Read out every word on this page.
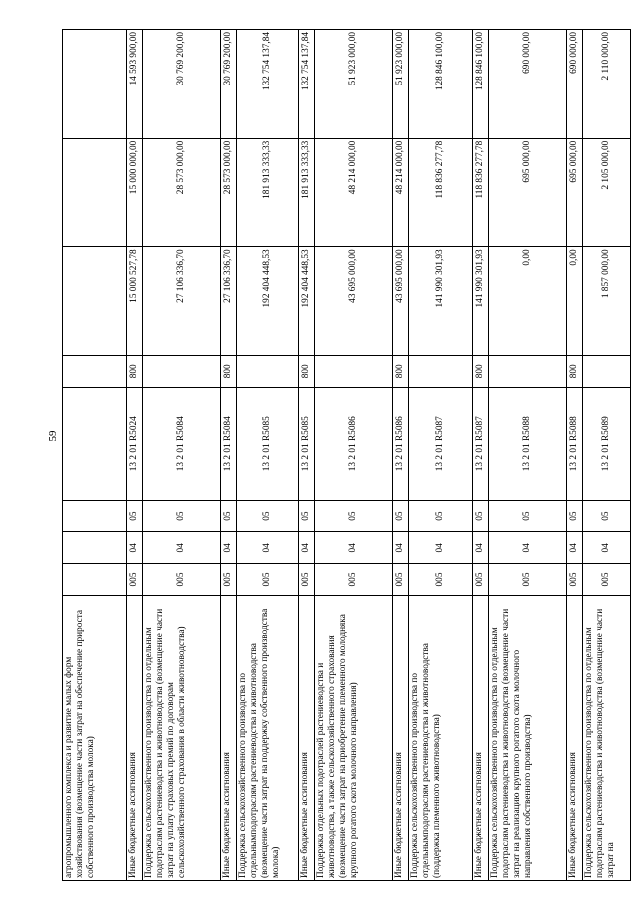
59
агропромышленного комплекса и развитие малых форм хозяйствования (возмещение части затрат на обеспечение прироста собственного производства молока)								
Иные бюджетные ассигнования	005	04	05	13 2 01 R5024	800	15 000 527,78	15 000 000,00	14 593 900,00
Поддержка сельскохозяйственного производства по отдельным подотраслям растениеводства и животноводства (возмещение части затрат на уплату страховых премий по договорам сельскохозяйственного страхования в области животноводства)	005	04	05	13 2 01 R5084		27 106 336,70	28 573 000,00	30 769 200,00
Иные бюджетные ассигнования	005	04	05	13 2 01 R5084	800	27 106 336,70	28 573 000,00	30 769 200,00
Поддержка сельскохозяйственного производства по отдельнымподотраслям растениеводства и животноводства (возмещение части затрат на поддержку собственного производства молока)	005	04	05	13 2 01 R5085		192 404 448,53	181 913 333,33	132 754 137,84
Иные бюджетные ассигнования	005	04	05	13 2 01 R5085	800	192 404 448,53	181 913 333,33	132 754 137,84
Поддержка отдельных подотраслей растениеводства и животноводства, а также сельскохозяйственного страхования (возмещение части затрат на приобретение племенного молодняка крупного рогатого скота молочного направления)	005	04	05	13 2 01 R5086		43 695 000,00	48 214 000,00	51 923 000,00
Иные бюджетные ассигнования	005	04	05	13 2 01 R5086	800	43 695 000,00	48 214 000,00	51 923 000,00
Поддержка сельскохозяйственного производства по отдельнымподотраслям растениеводства и животноводства (поддержка племенного животноводства)	005	04	05	13 2 01 R5087		141 990 301,93	118 836 277,78	128 846 100,00
Иные бюджетные ассигнования	005	04	05	13 2 01 R5087	800	141 990 301,93	118 836 277,78	128 846 100,00
Поддержка сельскохозяйственного производства по отдельным подотраслям растениеводства и животноводства (возмещение части затрат на реализацию крупного рогатого скота молочного направления собственного производства)	005	04	05	13 2 01 R5088		0,00	695 000,00	690 000,00
Иные бюджетные ассигнования	005	04	05	13 2 01 R5088	800	0,00	695 000,00	690 000,00
Поддержка сельскохозяйственного производства по отдельным подотраслям растениеводства и животноводства (возмещение части затрат на	005	04	05	13 2 01 R5089		1 857 000,00	2 105 000,00	2 110 000,00
